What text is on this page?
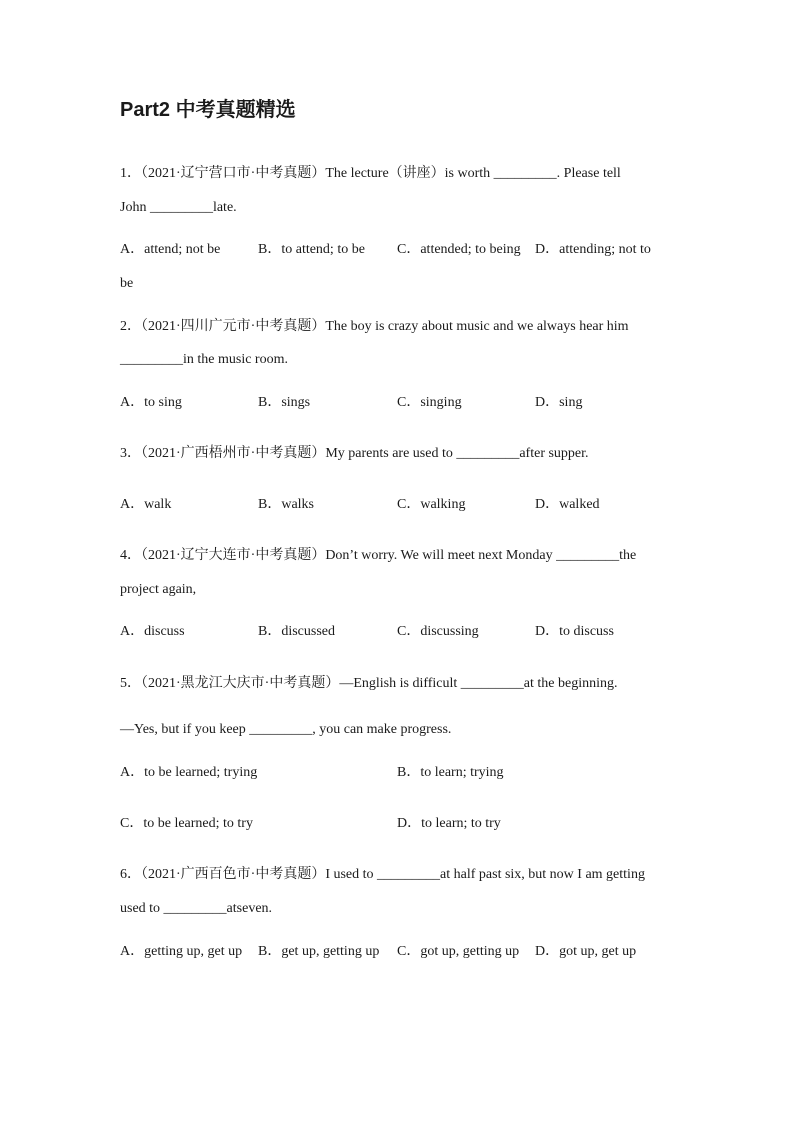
Part2 中考真题精选
1．（2021·辽宁营口市·中考真题）The lecture（讲座）is worth _________. Please tell
John _________late.
A．attend; not be	B．to attend; to be C．attended; to being D．attending; not to
be
2．（2021·四川广元市·中考真题）The boy is crazy about music and we always hear him
_________in the music room.
A．to sing	B．sings	C．singing	D．sing
3．（2021·广西梧州市·中考真题）My parents are used to _________after supper.
A．walk	B．walks	C．walking	D．walked
4．（2021·辽宁大连市·中考真题）Don’t worry. We will meet next Monday _________the
project again,
A．discuss	B．discussed	C．discussing	D．to discuss
5．（2021·黑龙江大庆市·中考真题）—English is difficult _________at the beginning.
—Yes, but if you keep _________, you can make progress.
A．to be learned; trying	B．to learn; trying
C．to be learned; to try	D．to learn; to try
6．（2021·广西百色市·中考真题）I used to _________at half past six, but now I am getting
used to _________atseven.
A．getting up, get up B．get up, getting up C．got up, getting up D．got up, get up
